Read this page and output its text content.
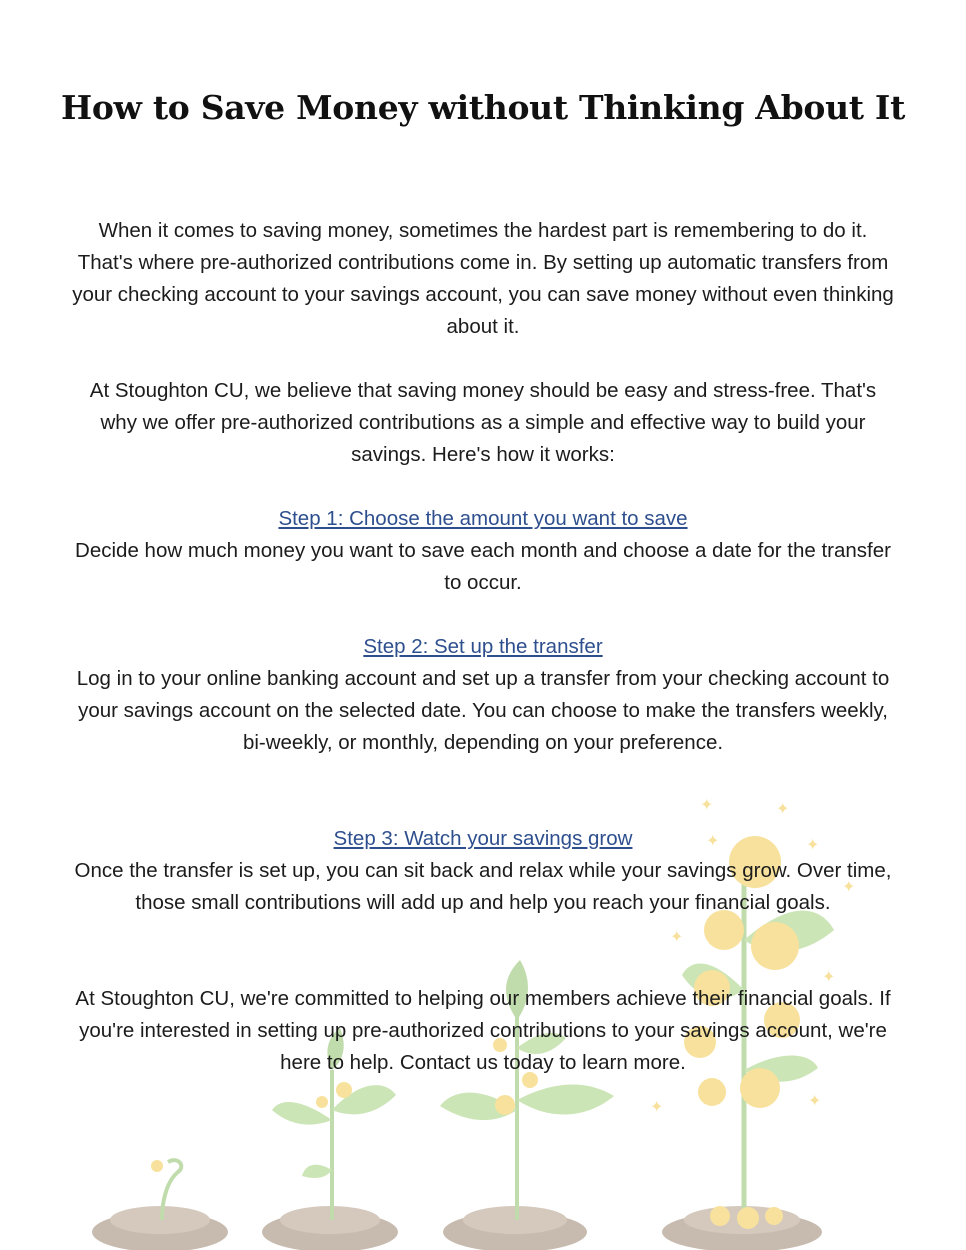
✦	✦
✦	✦
✦
✦
✦
✦	✦
How to Save Money without Thinking About It

When it comes to saving money, sometimes the hardest part is remembering to do it. That's where pre-authorized contributions come in. By setting up automatic transfers from your checking account to your savings account, you can save money without even thinking about it.

At Stoughton CU, we believe that saving money should be easy and stress-free. That's why we offer pre-authorized contributions as a simple and effective way to build your savings. Here's how it works:

Step 1: Choose the amount you want to save
Decide how much money you want to save each month and choose a date for the transfer to occur.
Step 2: Set up the transfer
Log in to your online banking account and set up a transfer from your checking account to your savings account on the selected date. You can choose to make the transfers weekly, bi-weekly, or monthly, depending on your preference.
Step 3: Watch your savings grow
Once the transfer is set up, you can sit back and relax while your savings grow. Over time, those small contributions will add up and help you reach your financial goals.

At Stoughton CU, we're committed to helping our members achieve their financial goals. If you're interested in setting up pre-authorized contributions to your savings account, we're here to help. Contact us today to learn more.
